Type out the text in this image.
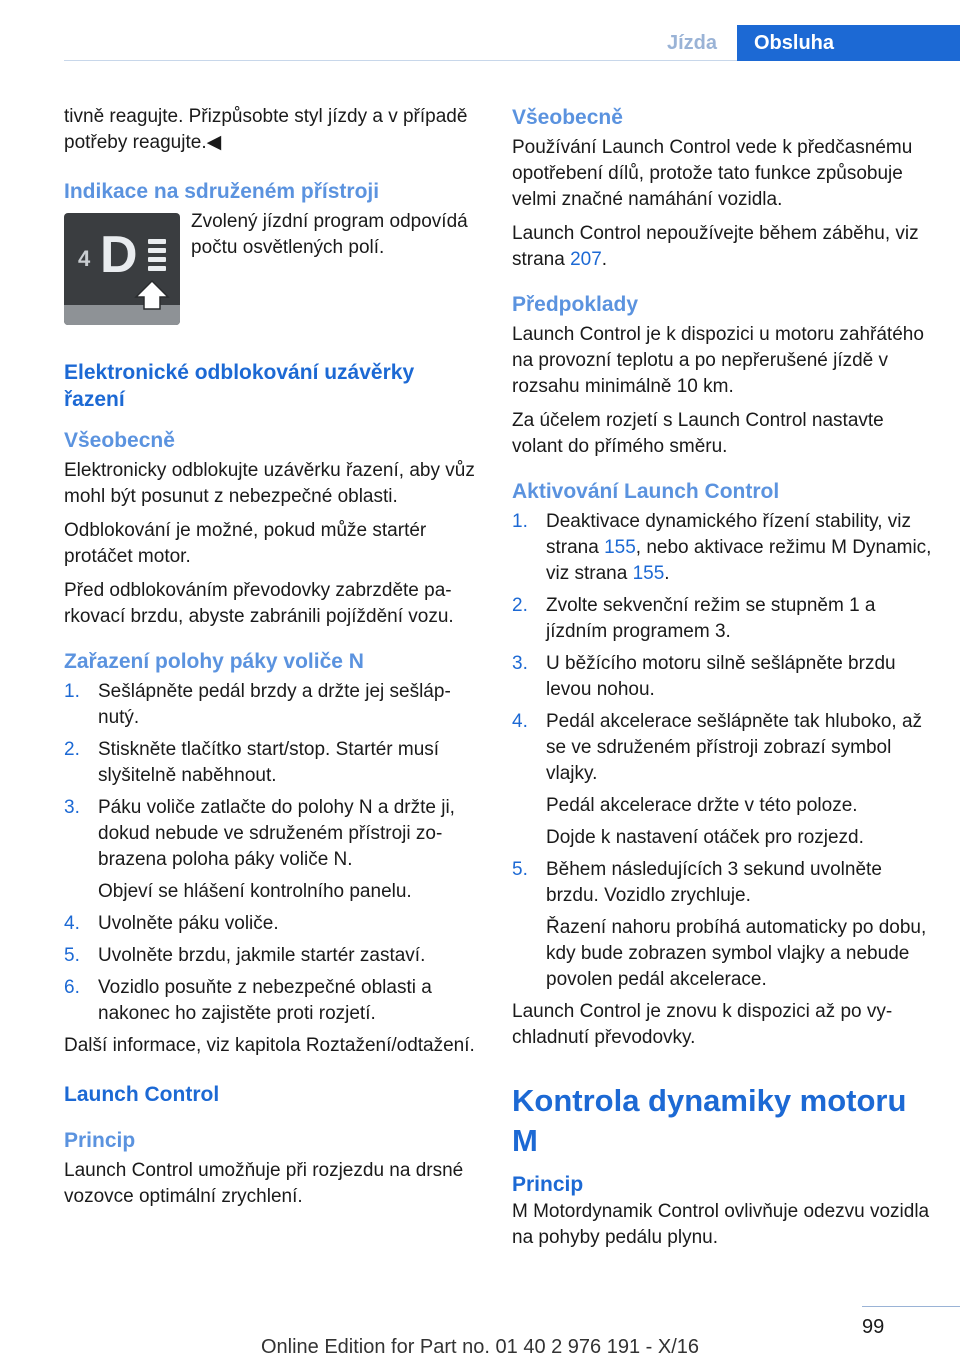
Jízda	Obsluha

tivně reagujte. Přizpůsobte styl jízdy a v případě potřeby reagujte.◀

Indikace na sdruženém přístroji
4 D
Zvolený jízdní program odpovídá počtu osvětlených polí.
Elektronické odblokování uzávěrky řazení
Všeobecně

Elektronicky odblokujte uzávěrku řazení, aby vůz mohl být posunut z nebezpečné oblasti.

Odblokování je možné, pokud může startér protáčet motor.

Před odblokováním převodovky zabrzděte parkovací brzdu, abyste zabránili pojíždění vozu.

Zařazení polohy páky voliče N
1. Sešlápněte pedál brzdy a držte jej sešlápnutý.
2. Stiskněte tlačítko start/stop. Startér musí slyšitelně naběhnout.
3. Páku voliče zatlačte do polohy N a držte ji, dokud nebude ve sdruženém přístroji zobrazena poloha páky voliče N.
Objeví se hlášení kontrolního panelu.
4. Uvolněte páku voliče.
5. Uvolněte brzdu, jakmile startér zastaví.
6. Vozidlo posuňte z nebezpečné oblasti a nakonec ho zajistěte proti rozjetí.

Další informace, viz kapitola Roztažení/odtažení.

Launch Control
Princip

Launch Control umožňuje při rozjezdu na drsné vozovce optimální zrychlení.

Všeobecně

Používání Launch Control vede k předčasnému opotřebení dílů, protože tato funkce způsobuje velmi značné namáhání vozidla.

Launch Control nepoužívejte během záběhu, viz strana 207.

Předpoklady

Launch Control je k dispozici u motoru zahřátého na provozní teplotu a po nepřerušené jízdě v rozsahu minimálně 10 km.

Za účelem rozjetí s Launch Control nastavte volant do přímého směru.

Aktivování Launch Control
1. Deaktivace dynamického řízení stability, viz strana 155, nebo aktivace režimu M Dynamic, viz strana 155.
2. Zvolte sekvenční režim se stupněm 1 a jízdním programem 3.
3. U běžícího motoru silně sešlápněte brzdu levou nohou.
4. Pedál akcelerace sešlápněte tak hluboko, až se ve sdruženém přístroji zobrazí symbol vlajky.
Pedál akcelerace držte v této poloze.
Dojde k nastavení otáček pro rozjezd.
5. Během následujících 3 sekund uvolněte brzdu. Vozidlo zrychluje.
Řazení nahoru probíhá automaticky po dobu, kdy bude zobrazen symbol vlajky a nebude povolen pedál akcelerace.

Launch Control je znovu k dispozici až po vychladnutí převodovky.

Kontrola dynamiky motoru M
Princip

M Motordynamik Control ovlivňuje odezvu vozidla na pohyby pedálu plynu.

99
Online Edition for Part no. 01 40 2 976 191 - X/16
